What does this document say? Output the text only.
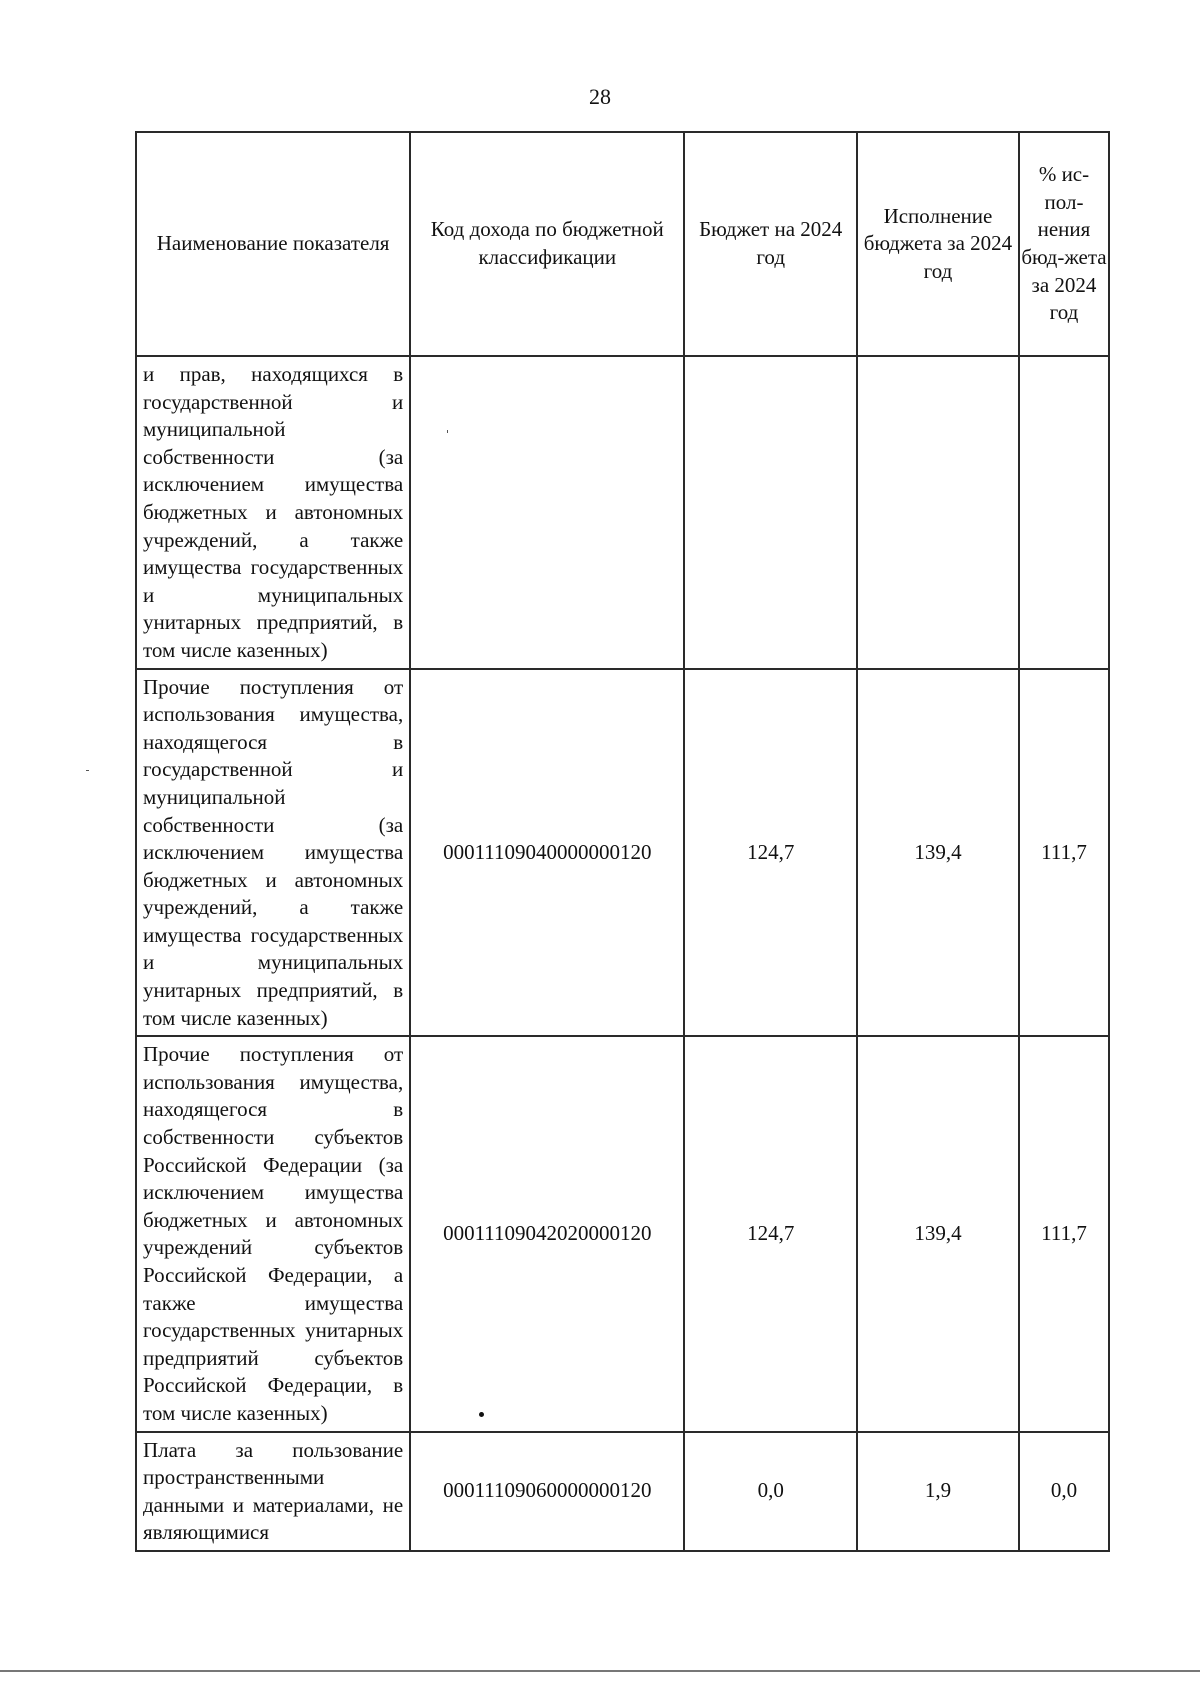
28
Наименование показателя	Код дохода по бюджетной классификации	Бюджет на 2024 год	Исполнение бюджета за 2024 год	% ис-пол-нения бюд-жета за 2024 год
и прав, находящихся в государственной и муниципальной собственности (за исключением имущества бюджетных и автономных учреждений, а также имущества государственных и муниципальных унитарных предприятий, в том числе казенных)				
Прочие поступления от использования имущества, находящегося в государственной и муниципальной собственности (за исключением имущества бюджетных и автономных учреждений, а также имущества государственных и муниципальных унитарных предприятий, в том числе казенных)	00011109040000000120	124,7	139,4	111,7
Прочие поступления от использования имущества, находящегося в собственности субъектов Российской Федерации (за исключением имущества бюджетных и автономных учреждений субъектов Российской Федерации, а также имущества государственных унитарных предприятий субъектов Российской Федерации, в том числе казенных)	00011109042020000120	124,7	139,4	111,7
Плата за пользование пространственными данными и материалами, не являющимися	00011109060000000120	0,0	1,9	0,0
